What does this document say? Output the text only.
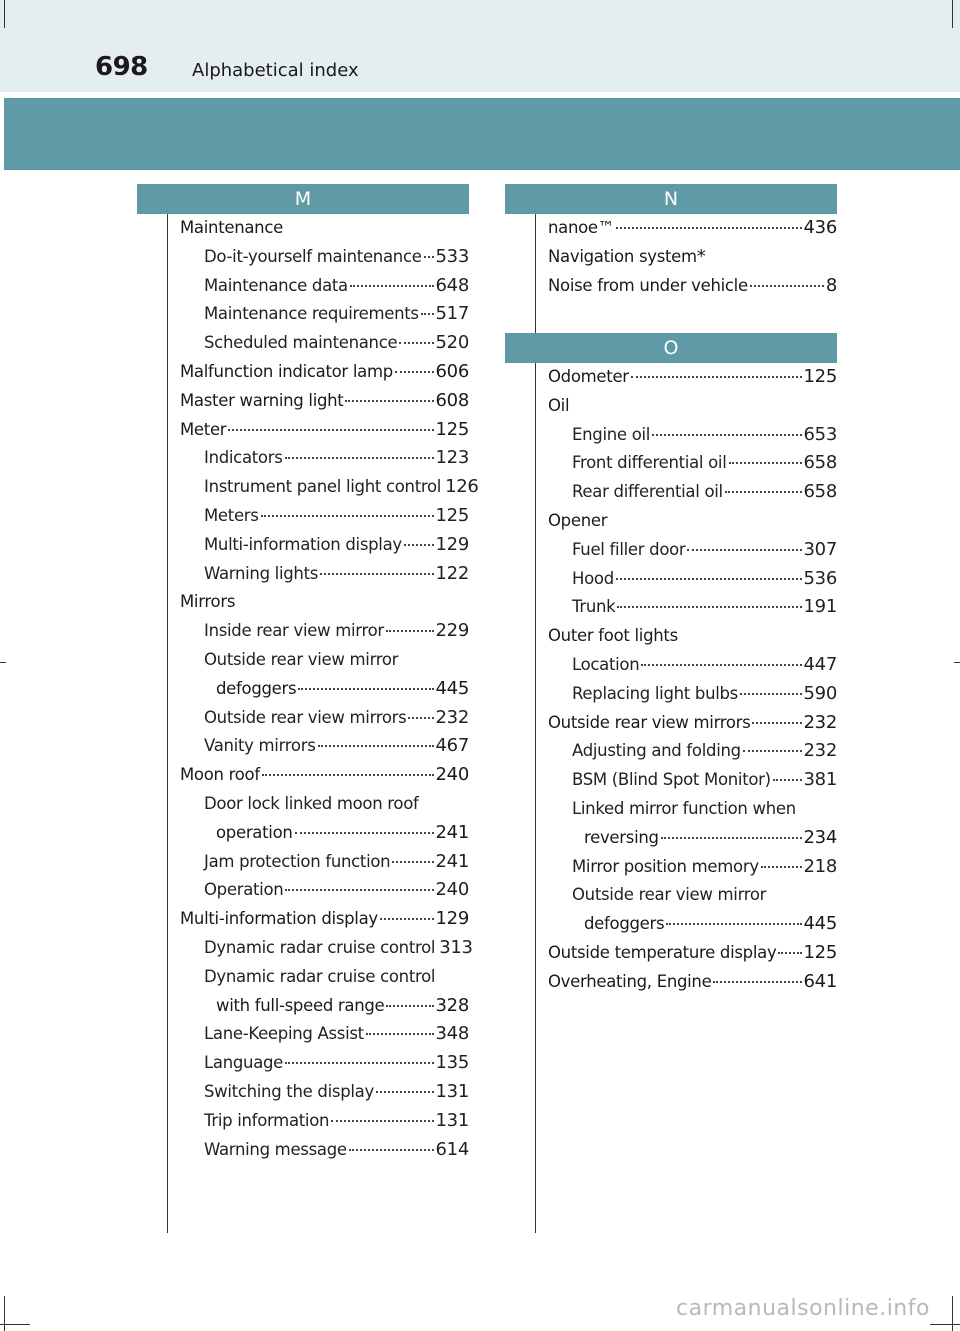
698 Alphabetical index
M	N
O
Maintenance
Do-it-yourself maintenance 533
Maintenance data	648
Maintenance requirements 517
Scheduled maintenance 520
Malfunction indicator lamp 606
Master warning light	608
Meter	125
Indicators	123
Instrument panel light control 126
Meters	125
Multi-information display 129
Warning lights	122
Mirrors
Inside rear view mirror	229
Outside rear view mirror
defoggers	445
Outside rear view mirrors 232
Vanity mirrors	467
Moon roof	240
Door lock linked moon roof
operation	241
Jam protection function	241
Operation	240
Multi-information display	129
Dynamic radar cruise control 313
Dynamic radar cruise control
with full-speed range	328
Lane-Keeping Assist	348
Language	135
Switching the display	131
Trip information	131
Warning message	614
nanoe™	436
Navigation system *
Noise from under vehicle	8
Odometer	125
Oil
Engine oil	653
Front differential oil	658
Rear differential oil	658
Opener
Fuel filler door	307
Hood	536
Trunk	191
Outer foot lights
Location	447
Replacing light bulbs	590
Outside rear view mirrors	232
Adjusting and folding	232
BSM (Blind Spot Monitor) 381
Linked mirror function when
reversing	234
Mirror position memory 218
Outside rear view mirror
defoggers	445
Outside temperature display 125
Overheating, Engine	641
carmanualsonline.info
